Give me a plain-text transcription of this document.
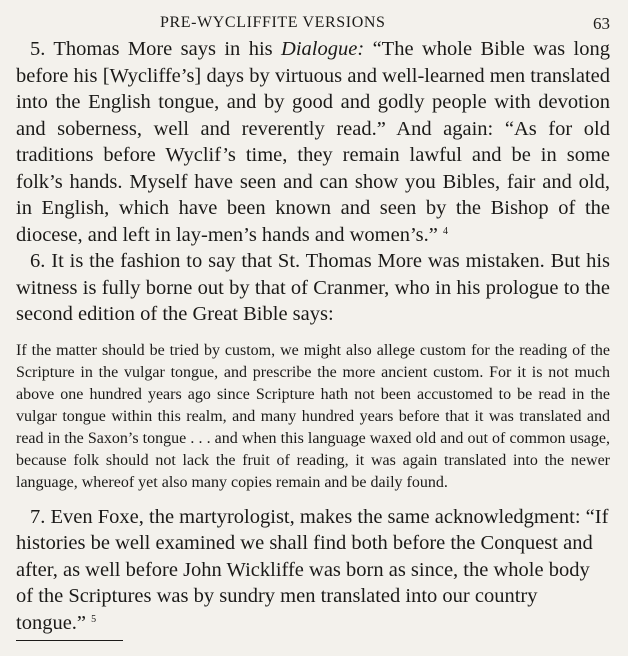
PRE-WYCLIFFITE VERSIONS	63

5. Thomas More says in his Dialogue: “The whole Bible was long before his [Wycliffe’s] days by virtuous and well-learned men translated into the English tongue, and by good and godly people with devotion and soberness, well and reverently read.” And again: “As for old traditions before Wyclif’s time, they remain lawful and be in some folk’s hands. Myself have seen and can show you Bibles, fair and old, in English, which have been known and seen by the Bishop of the diocese, and left in lay-men’s hands and women’s.” $^4$

6. It is the fashion to say that St. Thomas More was mistaken. But his witness is fully borne out by that of Cranmer, who in his prologue to the second edition of the Great Bible says:

If the matter should be tried by custom, we might also allege custom for the reading of the Scripture in the vulgar tongue, and prescribe the more ancient custom. For it is not much above one hundred years ago since Scripture hath not been accustomed to be read in the vulgar tongue within this realm, and many hundred years before that it was translated and read in the Saxon’s tongue . . . and when this language waxed old and out of common usage, because folk should not lack the fruit of reading, it was again translated into the newer language, whereof yet also many copies remain and be daily found.

7. Even Foxe, the martyrologist, makes the same acknowledgment: “If histories be well examined we shall find both before the Conquest and after, as well before John Wickliffe was born as since, the whole body of the Scriptures was by sundry men translated into our country tongue.” $^5$
